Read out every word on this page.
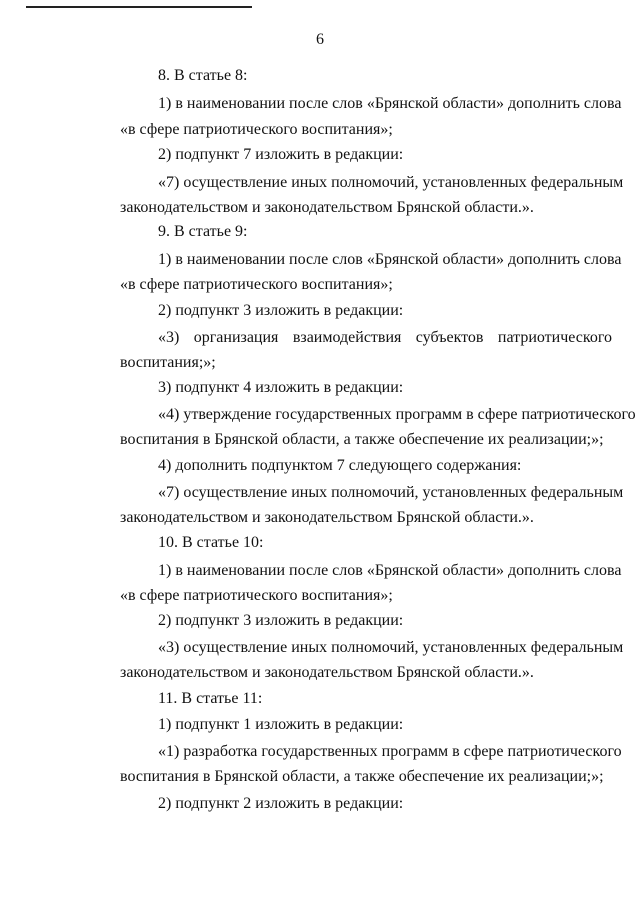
6
8. В статье 8:
1) в наименовании после слов «Брянской области» дополнить слова
«в сфере патриотического воспитания»;
2) подпункт 7 изложить в редакции:
«7) осуществление иных полномочий, установленных федеральным
законодательством и законодательством Брянской области.».
9. В статье 9:
1) в наименовании после слов «Брянской области» дополнить слова
«в сфере патриотического воспитания»;
2) подпункт 3 изложить в редакции:
«3) организация взаимодействия субъектов патриотического
воспитания;»;
3) подпункт 4 изложить в редакции:
«4) утверждение государственных программ в сфере патриотического
воспитания в Брянской области, а также обеспечение их реализации;»;
4) дополнить подпунктом 7 следующего содержания:
«7) осуществление иных полномочий, установленных федеральным
законодательством и законодательством Брянской области.».
10. В статье 10:
1) в наименовании после слов «Брянской области» дополнить слова
«в сфере патриотического воспитания»;
2) подпункт 3 изложить в редакции:
«3) осуществление иных полномочий, установленных федеральным
законодательством и законодательством Брянской области.».
11. В статье 11:
1) подпункт 1 изложить в редакции:
«1) разработка государственных программ в сфере патриотического
воспитания в Брянской области, а также обеспечение их реализации;»;
2) подпункт 2 изложить в редакции:
